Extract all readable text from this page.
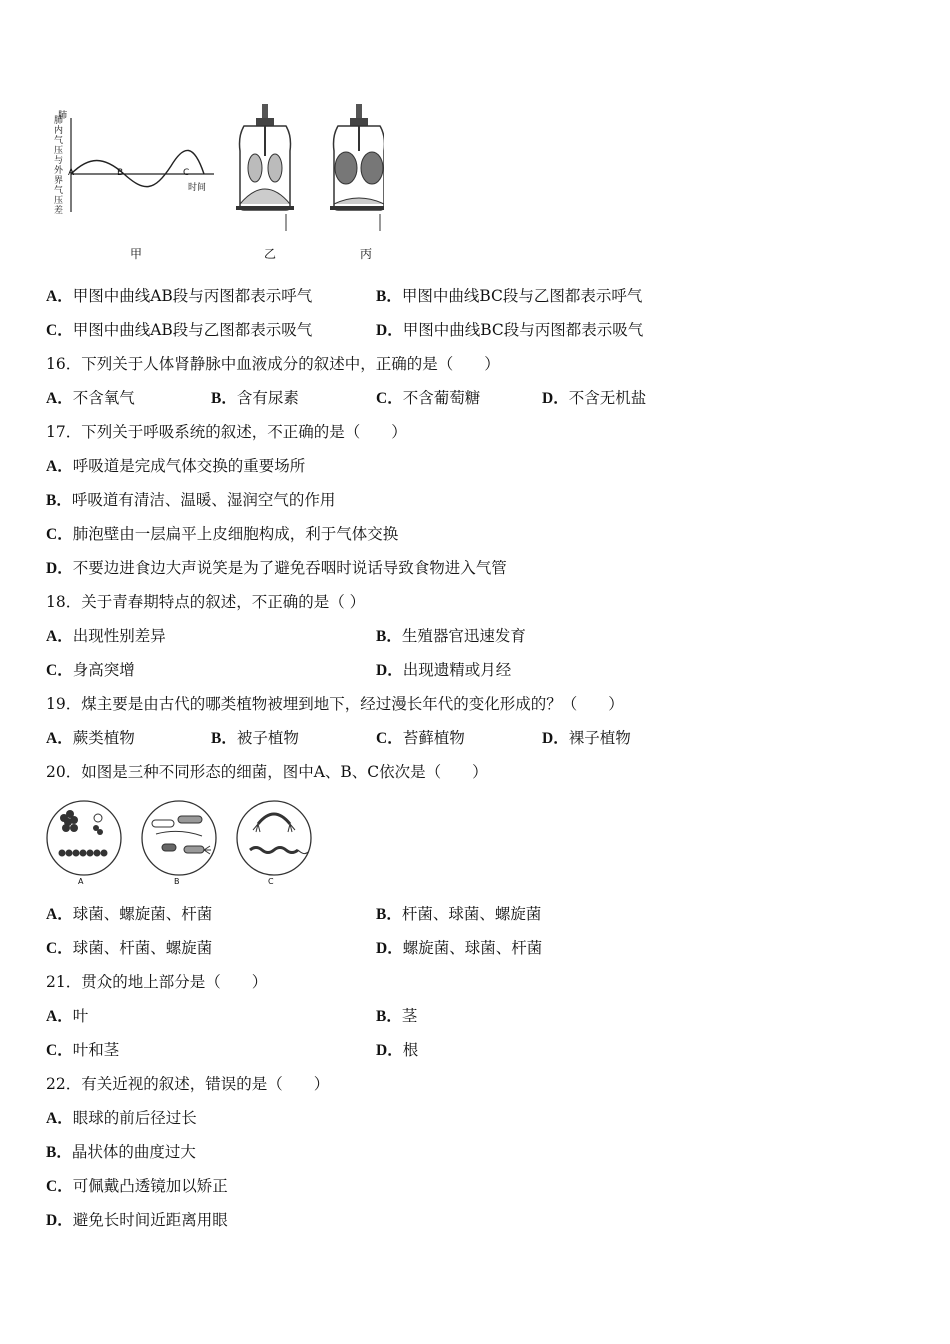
肺
肺内气压与外界气压差
时间
A	B	C
甲	乙	丙
A．甲图中曲线AB段与丙图都表示呼气	B．甲图中曲线BC段与乙图都表示呼气
C．甲图中曲线AB段与乙图都表示吸气	D．甲图中曲线BC段与丙图都表示吸气
16．下列关于人体肾静脉中血液成分的叙述中，正确的是（　　）
A．不含氧气	B．含有尿素	C．不含葡萄糖	D．不含无机盐
17．下列关于呼吸系统的叙述，不正确的是（　　）
A．呼吸道是完成气体交换的重要场所
B．呼吸道有清洁、温暖、湿润空气的作用
C．肺泡壁由一层扁平上皮细胞构成，利于气体交换
D．不要边进食边大声说笑是为了避免吞咽时说话导致食物进入气管
18．关于青春期特点的叙述，不正确的是（ ）
A．出现性别差异	B．生殖器官迅速发育
C．身高突增	D．出现遗精或月经
19．煤主要是由古代的哪类植物被埋到地下，经过漫长年代的变化形成的？（　　）
A．蕨类植物	B．被子植物	C．苔藓植物	D．裸子植物
20．如图是三种不同形态的细菌，图中A、B、C依次是（　　）
A	B	C
A．球菌、螺旋菌、杆菌	B．杆菌、球菌、螺旋菌
C．球菌、杆菌、螺旋菌	D．螺旋菌、球菌、杆菌
21．贯众的地上部分是（　　）
A．叶	B．茎
C．叶和茎	D．根
22．有关近视的叙述，错误的是（　　）
A．眼球的前后径过长
B．晶状体的曲度过大
C．可佩戴凸透镜加以矫正
D．避免长时间近距离用眼
